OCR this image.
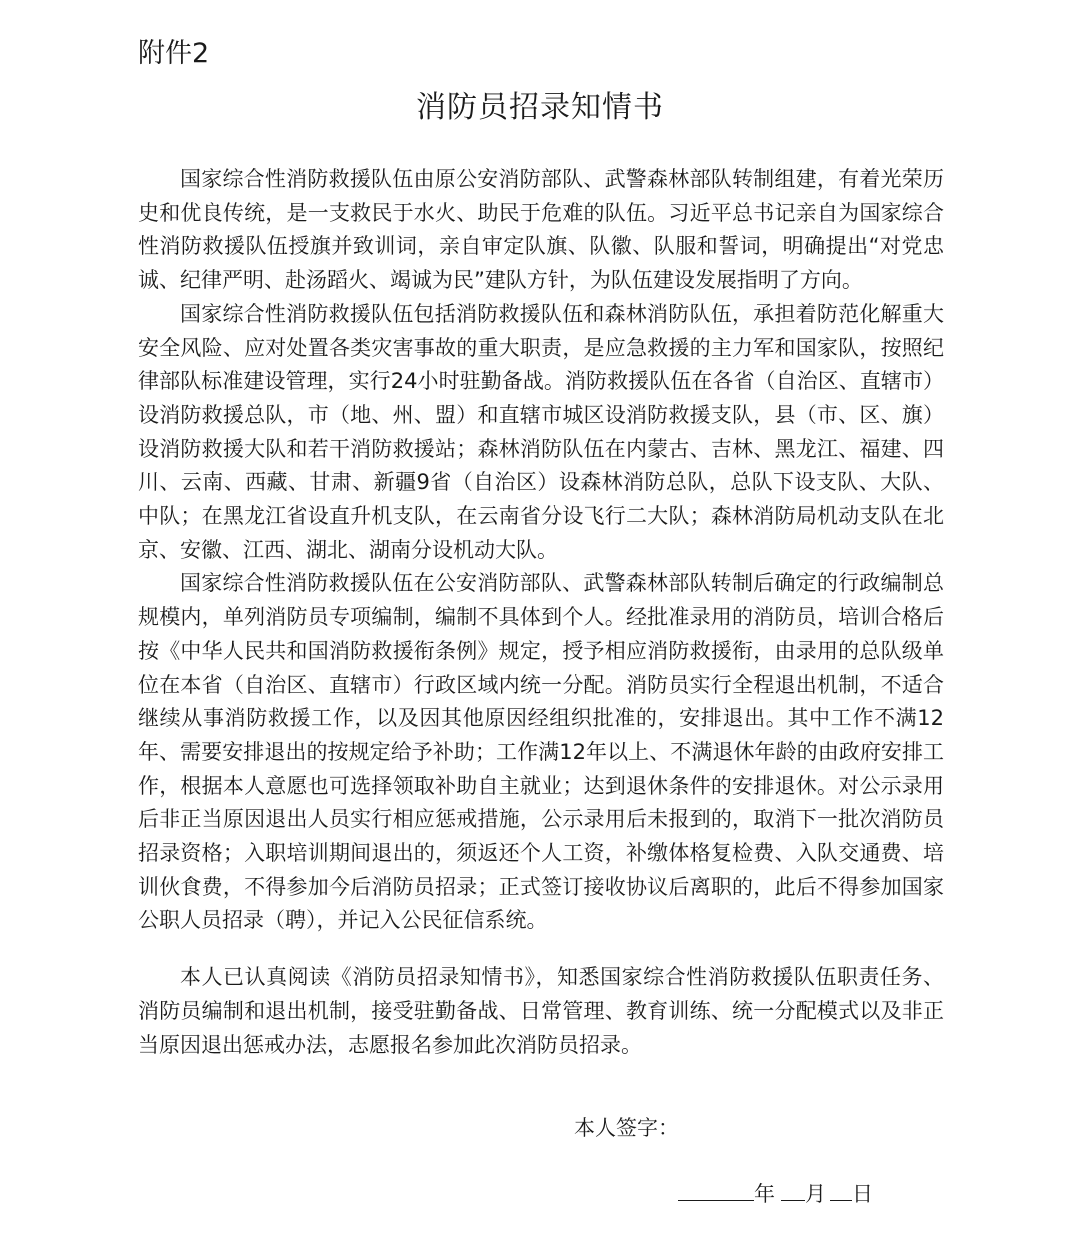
附件2
消防员招录知情书

国家综合性消防救援队伍由原公安消防部队、武警森林部队转制组建，有着光荣历史和优良传统，是一支救民于水火、助民于危难的队伍。习近平总书记亲自为国家综合性消防救援队伍授旗并致训词，亲自审定队旗、队徽、队服和誓词，明确提出“对党忠诚、纪律严明、赴汤蹈火、竭诚为民”建队方针，为队伍建设发展指明了方向。

国家综合性消防救援队伍包括消防救援队伍和森林消防队伍，承担着防范化解重大安全风险、应对处置各类灾害事故的重大职责，是应急救援的主力军和国家队，按照纪律部队标准建设管理，实行24小时驻勤备战。消防救援队伍在各省（自治区、直辖市）设消防救援总队，市（地、州、盟）和直辖市城区设消防救援支队，县（市、区、旗）设消防救援大队和若干消防救援站；森林消防队伍在内蒙古、吉林、黑龙江、福建、四川、云南、西藏、甘肃、新疆9省（自治区）设森林消防总队，总队下设支队、大队、中队；在黑龙江省设直升机支队，在云南省分设飞行二大队；森林消防局机动支队在北京、安徽、江西、湖北、湖南分设机动大队。

国家综合性消防救援队伍在公安消防部队、武警森林部队转制后确定的行政编制总规模内，单列消防员专项编制，编制不具体到个人。经批准录用的消防员，培训合格后按《中华人民共和国消防救援衔条例》规定，授予相应消防救援衔，由录用的总队级单位在本省（自治区、直辖市）行政区域内统一分配。消防员实行全程退出机制，不适合继续从事消防救援工作，以及因其他原因经组织批准的，安排退出。其中工作不满12年、需要安排退出的按规定给予补助；工作满12年以上、不满退休年龄的由政府安排工作，根据本人意愿也可选择领取补助自主就业；达到退休条件的安排退休。对公示录用后非正当原因退出人员实行相应惩戒措施，公示录用后未报到的，取消下一批次消防员招录资格；入职培训期间退出的，须返还个人工资，补缴体格复检费、入队交通费、培训伙食费，不得参加今后消防员招录；正式签订接收协议后离职的，此后不得参加国家公职人员招录（聘），并记入公民征信系统。

本人已认真阅读《消防员招录知情书》，知悉国家综合性消防救援队伍职责任务、消防员编制和退出机制，接受驻勤备战、日常管理、教育训练、统一分配模式以及非正当原因退出惩戒办法，志愿报名参加此次消防员招录。

本人签字：
年 月 日
